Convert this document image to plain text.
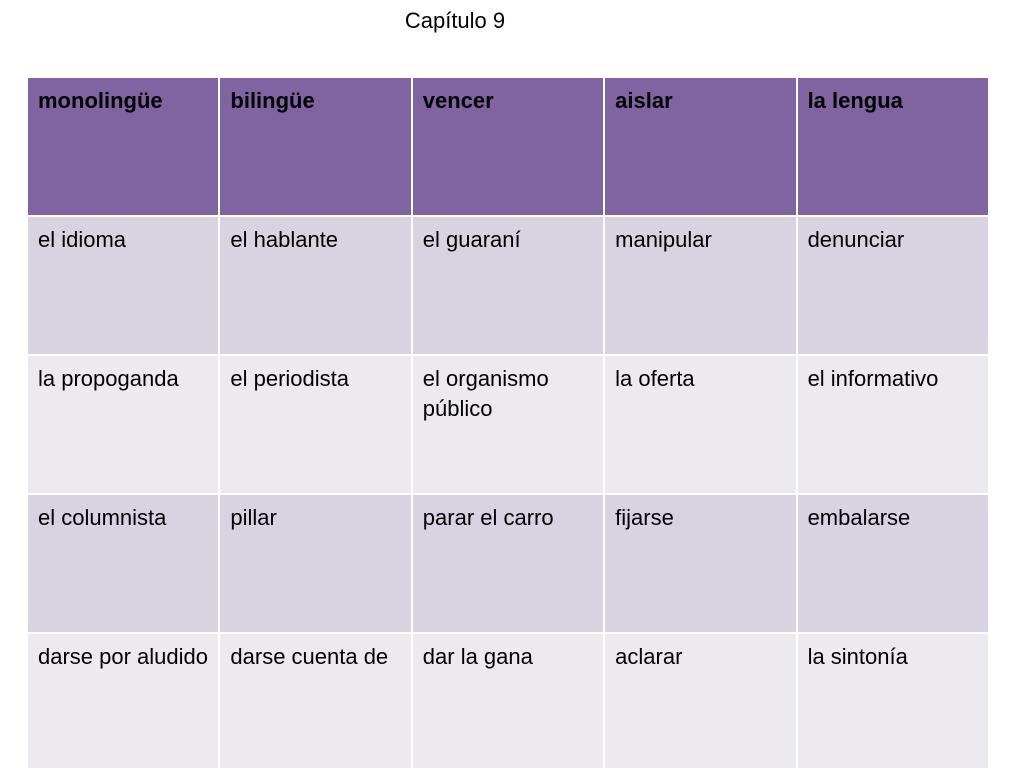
Capítulo 9
monolingüe	bilingüe	vencer	aislar	la lengua
el idioma	el hablante	el guaraní	manipular	denunciar
la propoganda	el periodista	el organismo público	la oferta	el informativo
el columnista	pillar	parar el carro	fijarse	embalarse
darse por aludido	darse cuenta de	dar la gana	aclarar	la sintonía
